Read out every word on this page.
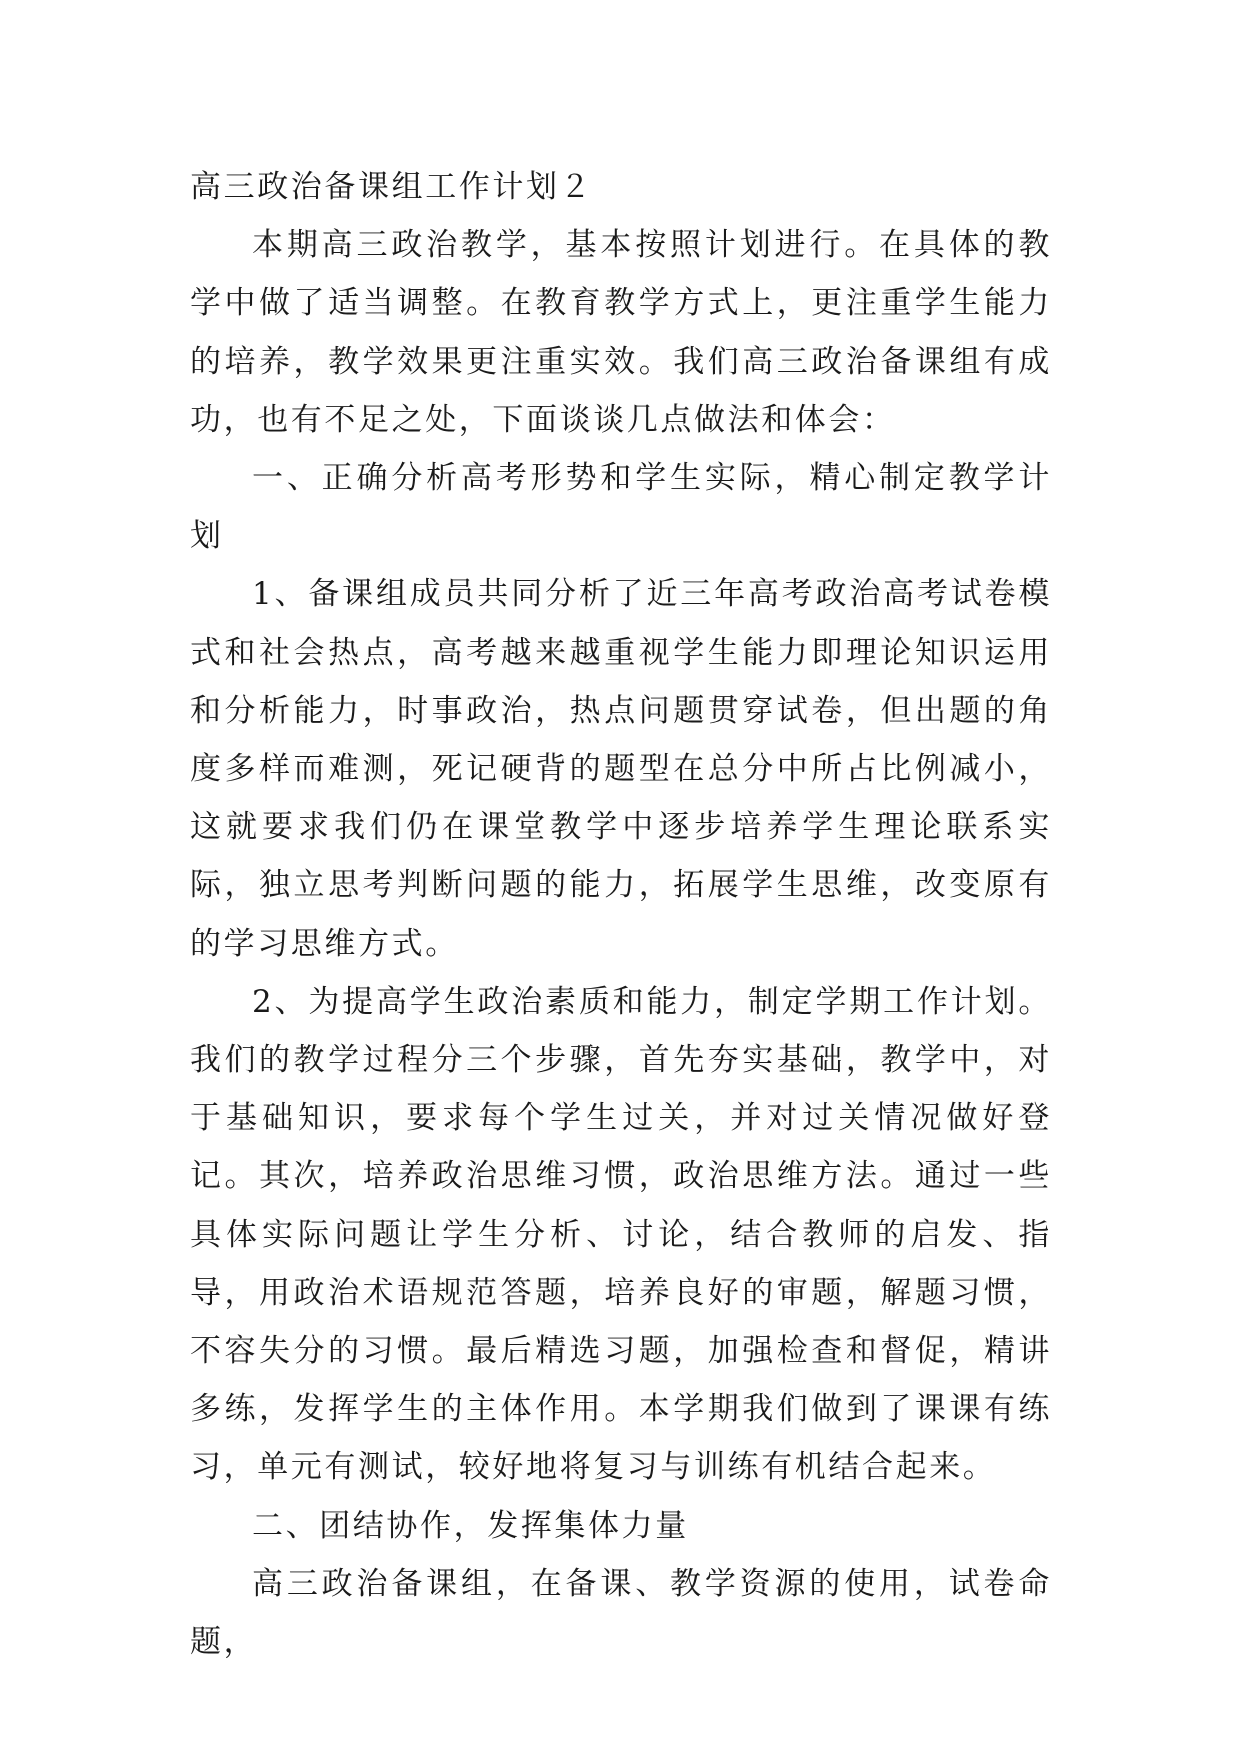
高三政治备课组工作计划２

本期高三政治教学，基本按照计划进行。在具体的教学中做了适当调整。在教育教学方式上，更注重学生能力的培养，教学效果更注重实效。我们高三政治备课组有成功，也有不足之处，下面谈谈几点做法和体会：

一、正确分析高考形势和学生实际，精心制定教学计划

1、备课组成员共同分析了近三年高考政治高考试卷模式和社会热点，高考越来越重视学生能力即理论知识运用和分析能力，时事政治，热点问题贯穿试卷，但出题的角度多样而难测，死记硬背的题型在总分中所占比例减小，这就要求我们仍在课堂教学中逐步培养学生理论联系实际，独立思考判断问题的能力，拓展学生思维，改变原有的学习思维方式。

2、为提高学生政治素质和能力，制定学期工作计划。我们的教学过程分三个步骤，首先夯实基础，教学中，对于基础知识，要求每个学生过关，并对过关情况做好登记。其次，培养政治思维习惯，政治思维方法。通过一些具体实际问题让学生分析、讨论，结合教师的启发、指导，用政治术语规范答题，培养良好的审题，解题习惯，不容失分的习惯。最后精选习题，加强检查和督促，精讲多练，发挥学生的主体作用。本学期我们做到了课课有练习，单元有测试，较好地将复习与训练有机结合起来。

二、团结协作，发挥集体力量

高三政治备课组，在备课、教学资源的使用，试卷命题，
